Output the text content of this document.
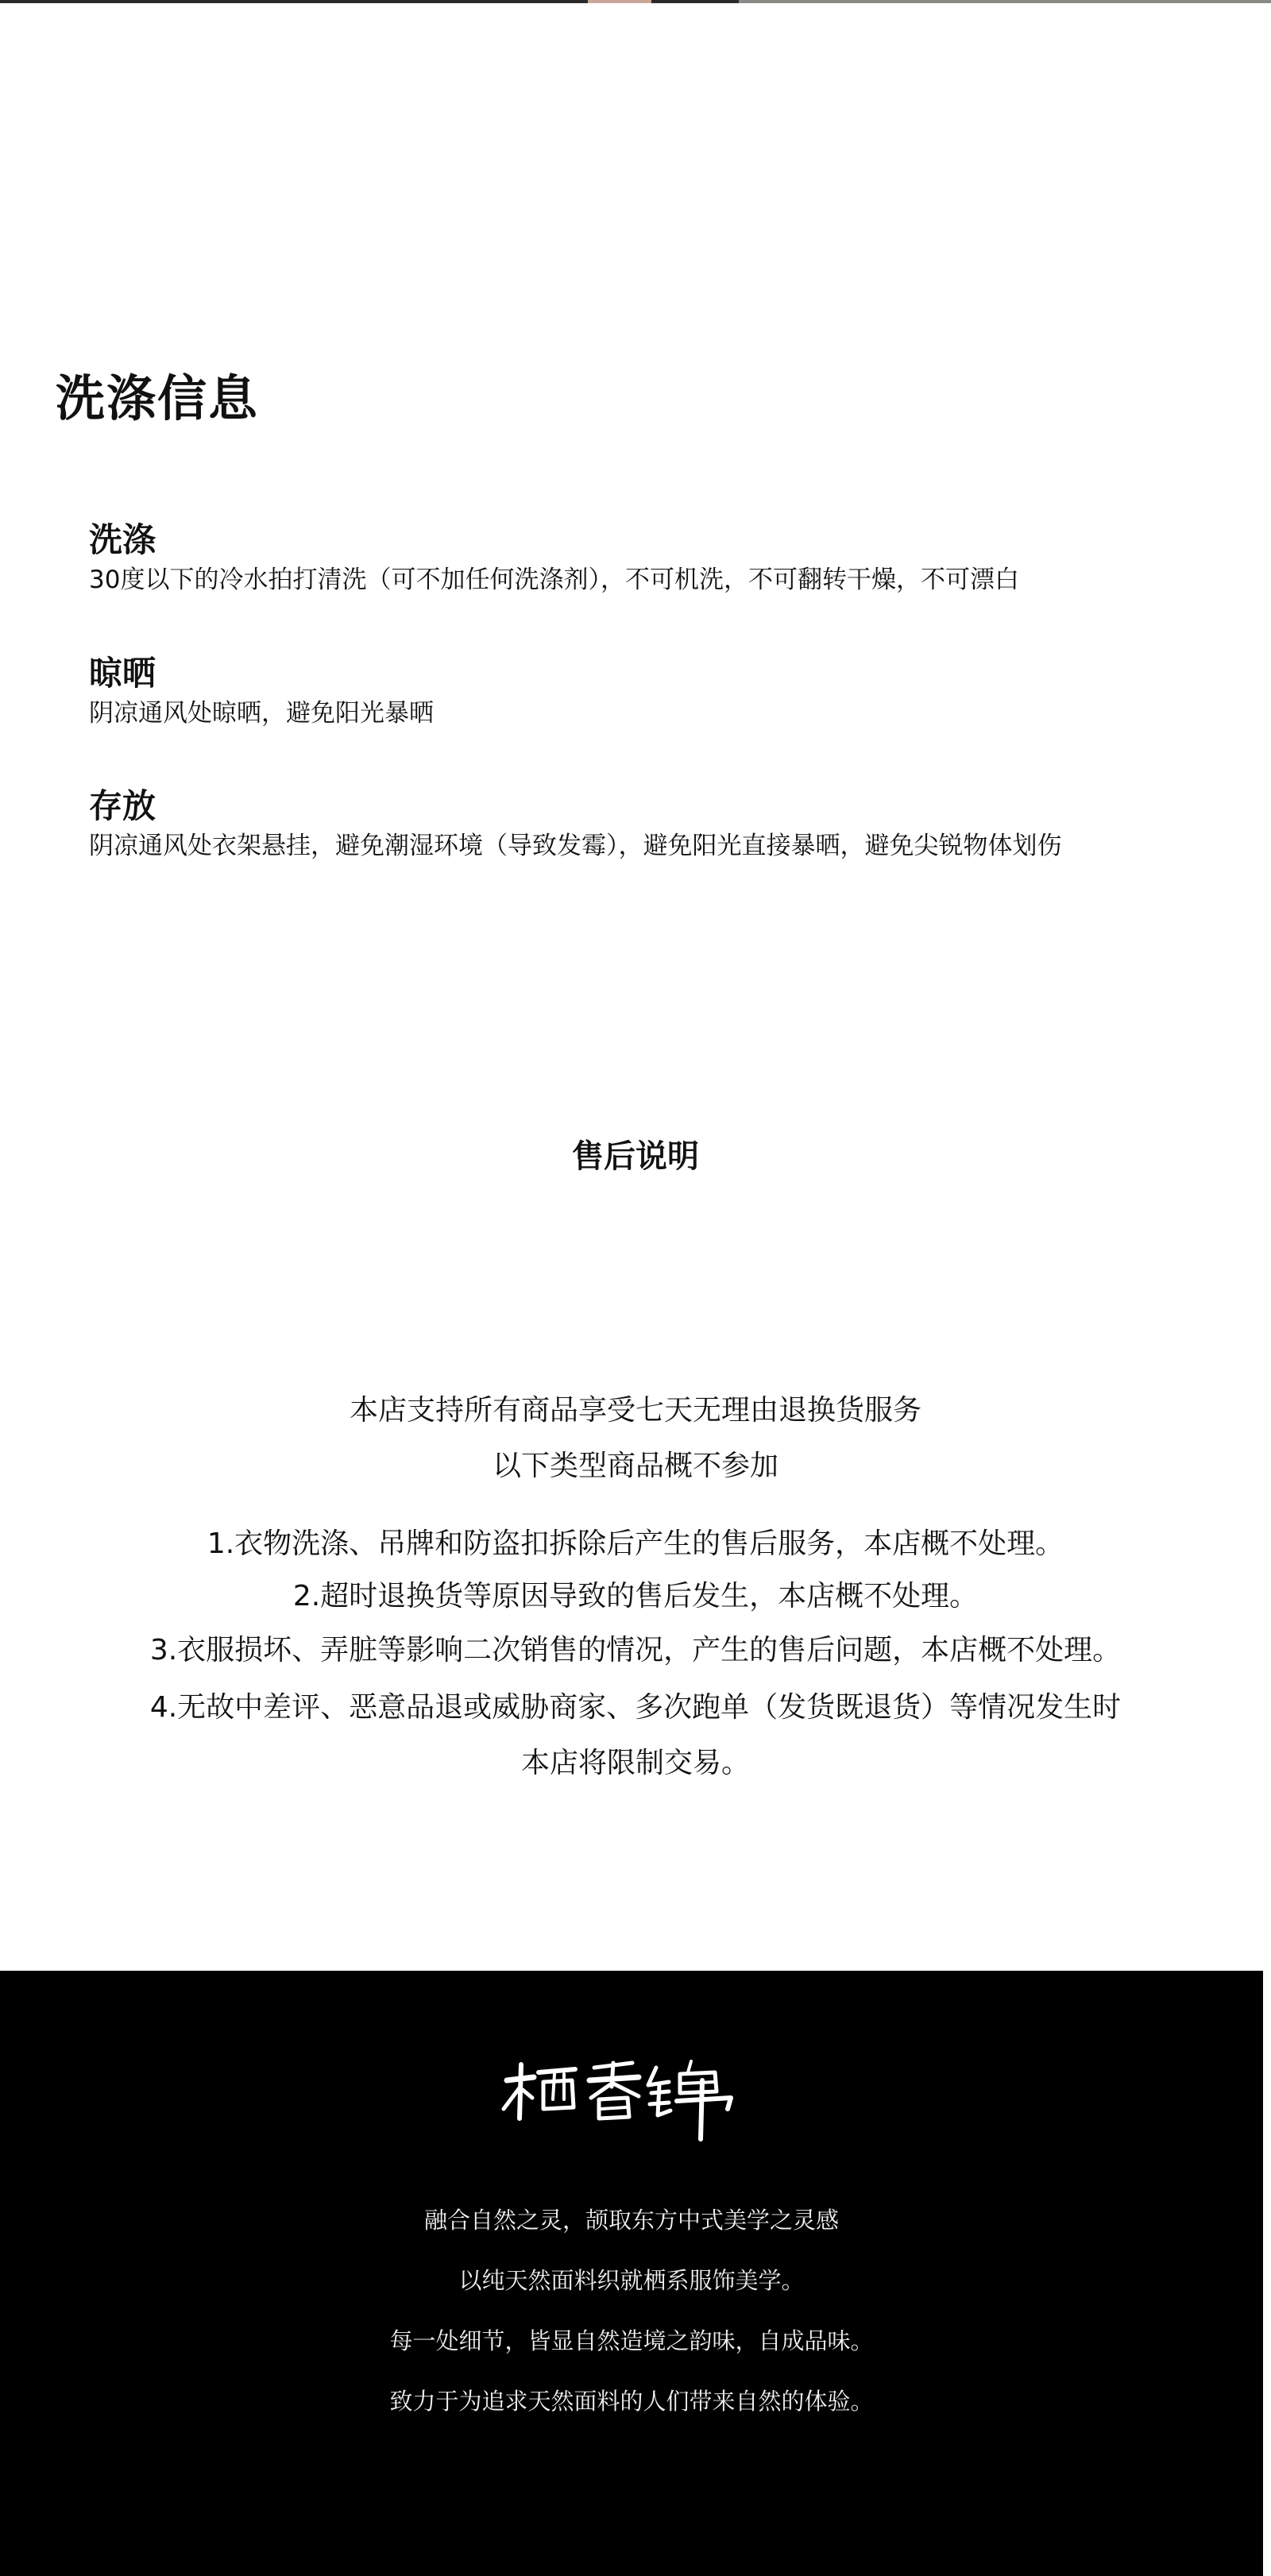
洗涤信息
洗涤
30度以下的冷水拍打清洗（可不加任何洗涤剂），不可机洗，不可翻转干燥，不可漂白
晾晒
阴凉通风处晾晒，避免阳光暴晒
存放
阴凉通风处衣架悬挂，避免潮湿环境（导致发霉），避免阳光直接暴晒，避免尖锐物体划伤
售后说明
本店支持所有商品享受七天无理由退换货服务
以下类型商品概不参加
1.衣物洗涤、吊牌和防盗扣拆除后产生的售后服务，本店概不处理。
2.超时退换货等原因导致的售后发生，本店概不处理。
3.衣服损坏、弄脏等影响二次销售的情况，产生的售后问题，本店概不处理。
4.无故中差评、恶意品退或威胁商家、多次跑单（发货既退货）等情况发生时
本店将限制交易。
栖香锦
融合自然之灵，颉取东方中式美学之灵感
以纯天然面料织就栖系服饰美学。
每一处细节，皆显自然造境之韵味，自成品味。
致力于为追求天然面料的人们带来自然的体验。
